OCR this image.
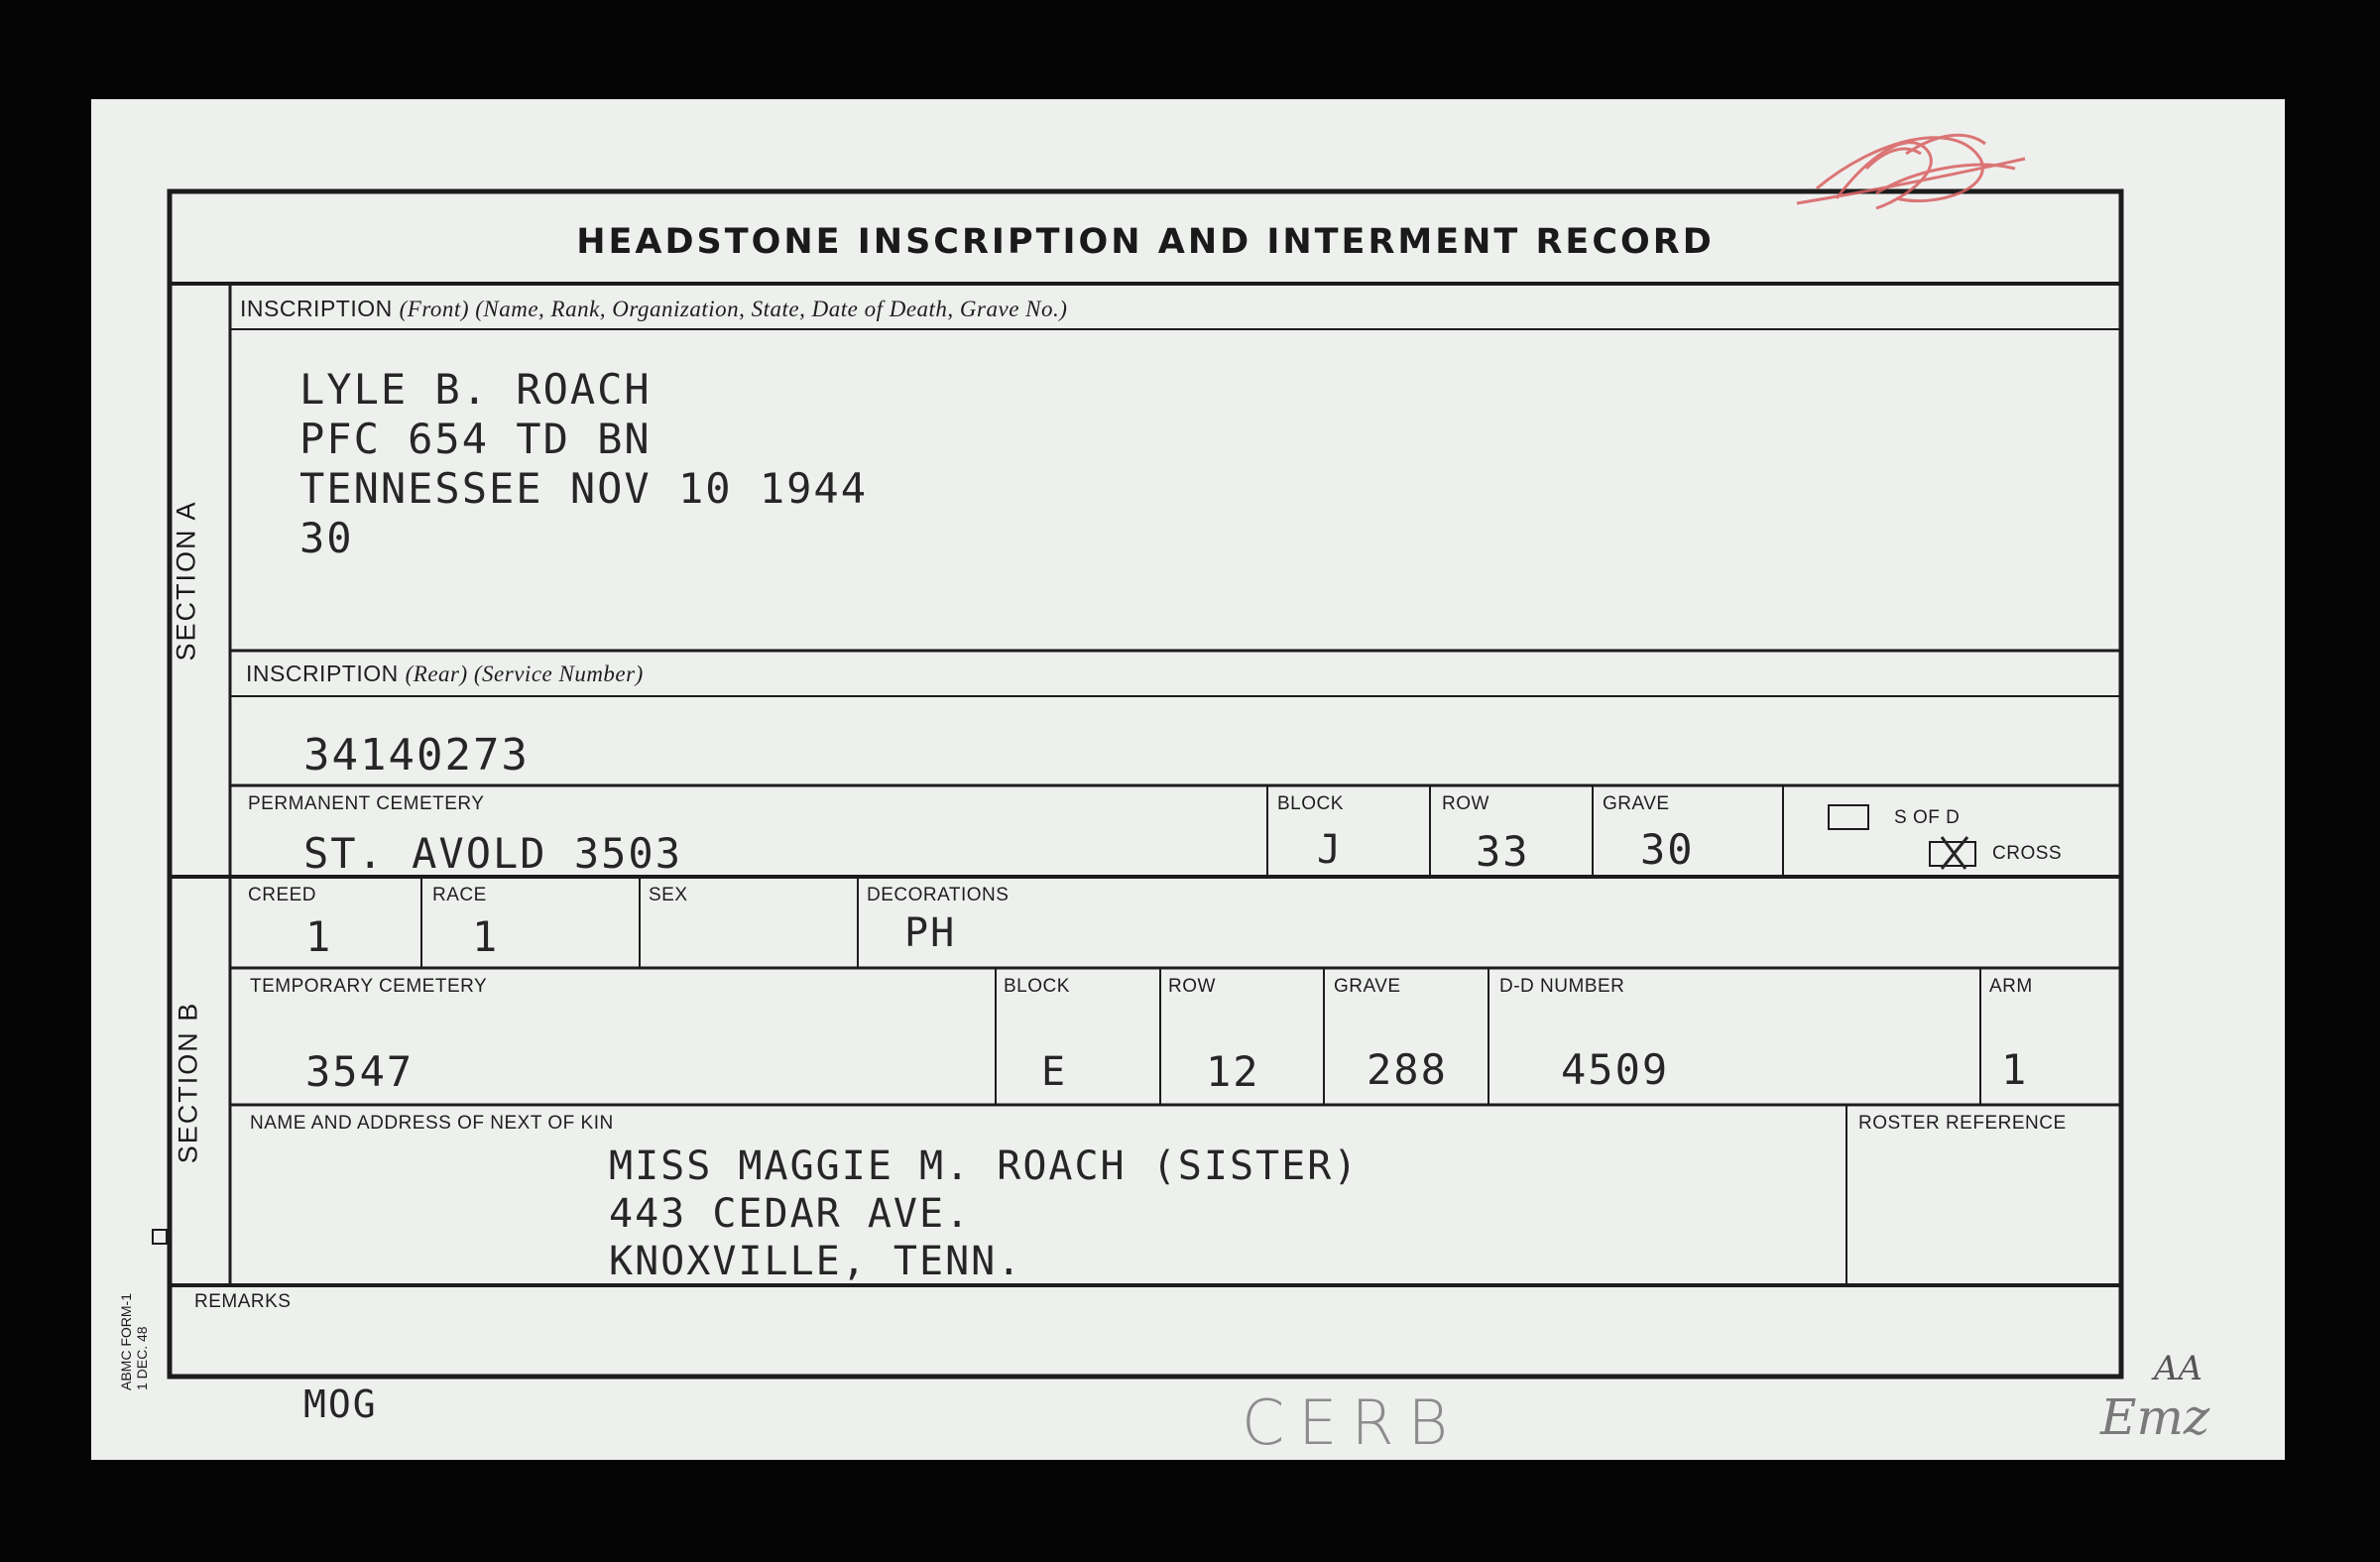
HEADSTONE INSCRIPTION AND INTERMENT RECORD
SECTION A
SECTION B
ABMC FORM-1
1 DEC. 48
INSCRIPTION (Front) (Name, Rank, Organization, State, Date of Death, Grave No.)
LYLE B. ROACH
PFC 654 TD BN
TENNESSEE NOV 10 1944
30
INSCRIPTION (Rear) (Service Number)
34140273
PERMANENT CEMETERY
ST. AVOLD 3503
BLOCK
J
ROW
33
GRAVE
30
S OF D
CROSS
CREED
1
RACE
1
SEX	DECORATIONS
PH
TEMPORARY CEMETERY
3547
BLOCK
E
ROW
12
GRAVE
288
D-D NUMBER
4509
ARM
1
NAME AND ADDRESS OF NEXT OF KIN
MISS MAGGIE M. ROACH (SISTER)
443 CEDAR AVE.
KNOXVILLE, TENN.
ROSTER REFERENCE
REMARKS
MOG	CERB
AA
Emz
